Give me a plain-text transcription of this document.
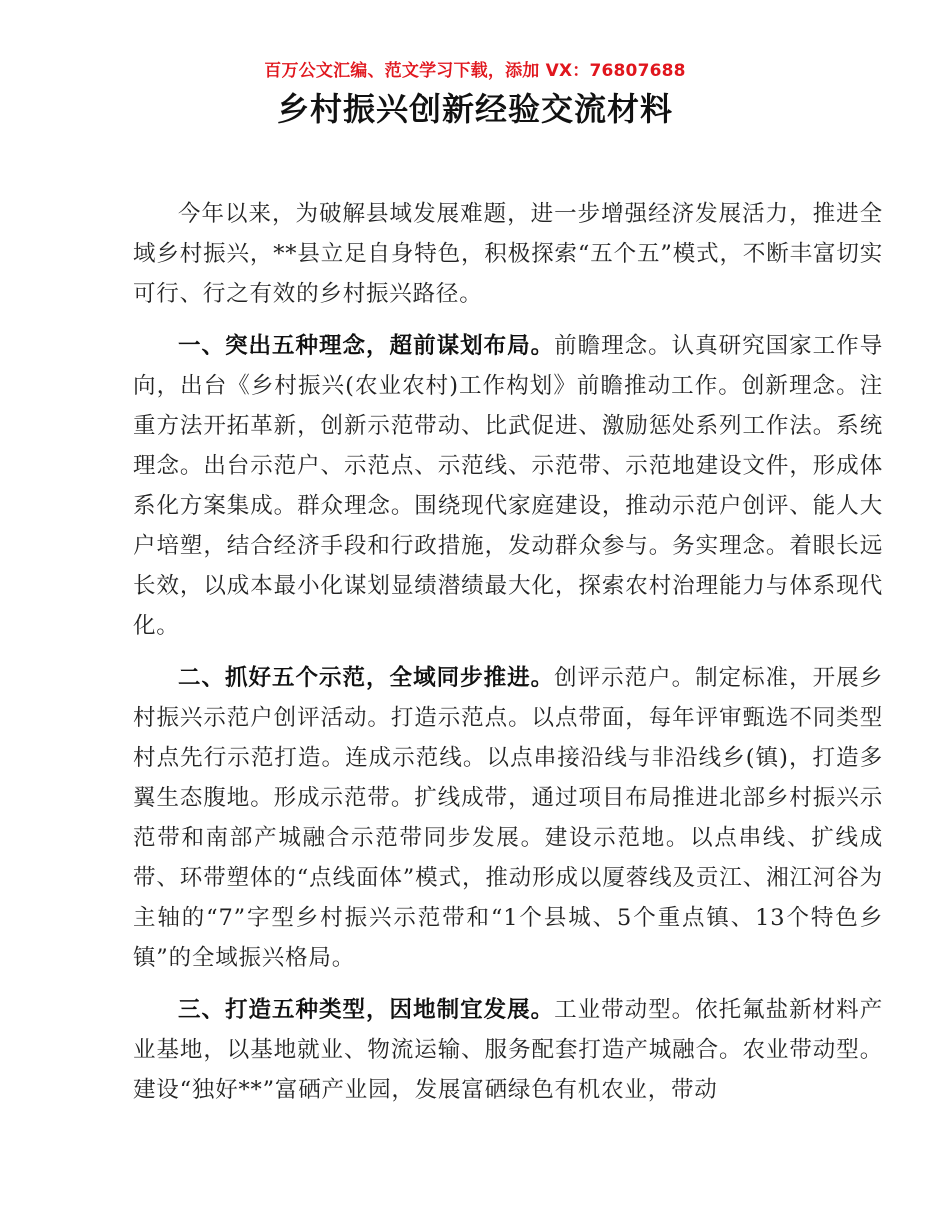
百万公文汇编、范文学习下载，添加 VX：76807688
乡村振兴创新经验交流材料

今年以来，为破解县域发展难题，进一步增强经济发展活力，推进全域乡村振兴，**县立足自身特色，积极探索“五个五”模式，不断丰富切实可行、行之有效的乡村振兴路径。

一、突出五种理念，超前谋划布局。前瞻理念。认真研究国家工作导向，出台《乡村振兴(农业农村)工作构划》前瞻推动工作。创新理念。注重方法开拓革新，创新示范带动、比武促进、激励惩处系列工作法。系统理念。出台示范户、示范点、示范线、示范带、示范地建设文件，形成体系化方案集成。群众理念。围绕现代家庭建设，推动示范户创评、能人大户培塑，结合经济手段和行政措施，发动群众参与。务实理念。着眼长远长效，以成本最小化谋划显绩潜绩最大化，探索农村治理能力与体系现代化。

二、抓好五个示范，全域同步推进。创评示范户。制定标准，开展乡村振兴示范户创评活动。打造示范点。以点带面，每年评审甄选不同类型村点先行示范打造。连成示范线。以点串接沿线与非沿线乡(镇)，打造多翼生态腹地。形成示范带。扩线成带，通过项目布局推进北部乡村振兴示范带和南部产城融合示范带同步发展。建设示范地。以点串线、扩线成带、环带塑体的“点线面体”模式，推动形成以厦蓉线及贡江、湘江河谷为主轴的“7”字型乡村振兴示范带和“1个县城、5个重点镇、13个特色乡镇”的全域振兴格局。

三、打造五种类型，因地制宜发展。工业带动型。依托氟盐新材料产业基地，以基地就业、物流运输、服务配套打造产城融合。农业带动型。建设“独好**”富硒产业园，发展富硒绿色有机农业，带动
